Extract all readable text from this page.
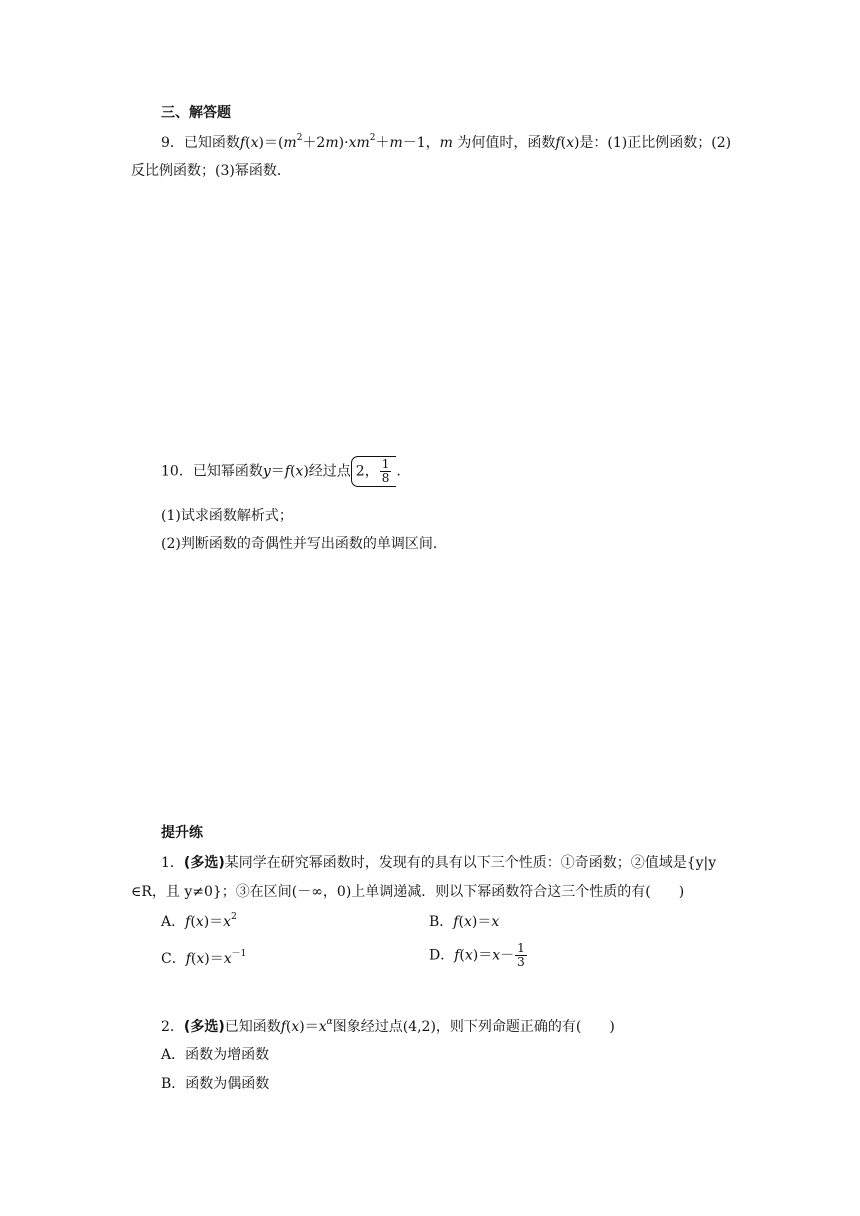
三、解答题
9．已知函数$f(x)=(m^2+2m)\cdot xm^2+m-1$，m 为何值时，函数f(x)是：(1)正比例函数；(2)
反比例函数；(3)幂函数．
10．已知幂函数y＝f(x)经过点 2， $\frac{1}{8}$ .
(1)试求函数解析式；
(2)判断函数的奇偶性并写出函数的单调区间．
提升练
1．(多选)某同学在研究幂函数时，发现有的具有以下三个性质：①奇函数；②值域是{y|y
∈R，且 y≠0}；③在区间(－∞，0)上单调递减．则以下幂函数符合这三个性质的有(　　)
A．$f(x)=x^2$	B．f(x)＝x
C．$f(x)=x^{-1}$	D．$f(x)=x- \frac{1}{3}$
2．(多选)已知函数$f(x)=x^\alpha$图象经过点(4,2)，则下列命题正确的有(　　)
A．函数为增函数
B．函数为偶函数
